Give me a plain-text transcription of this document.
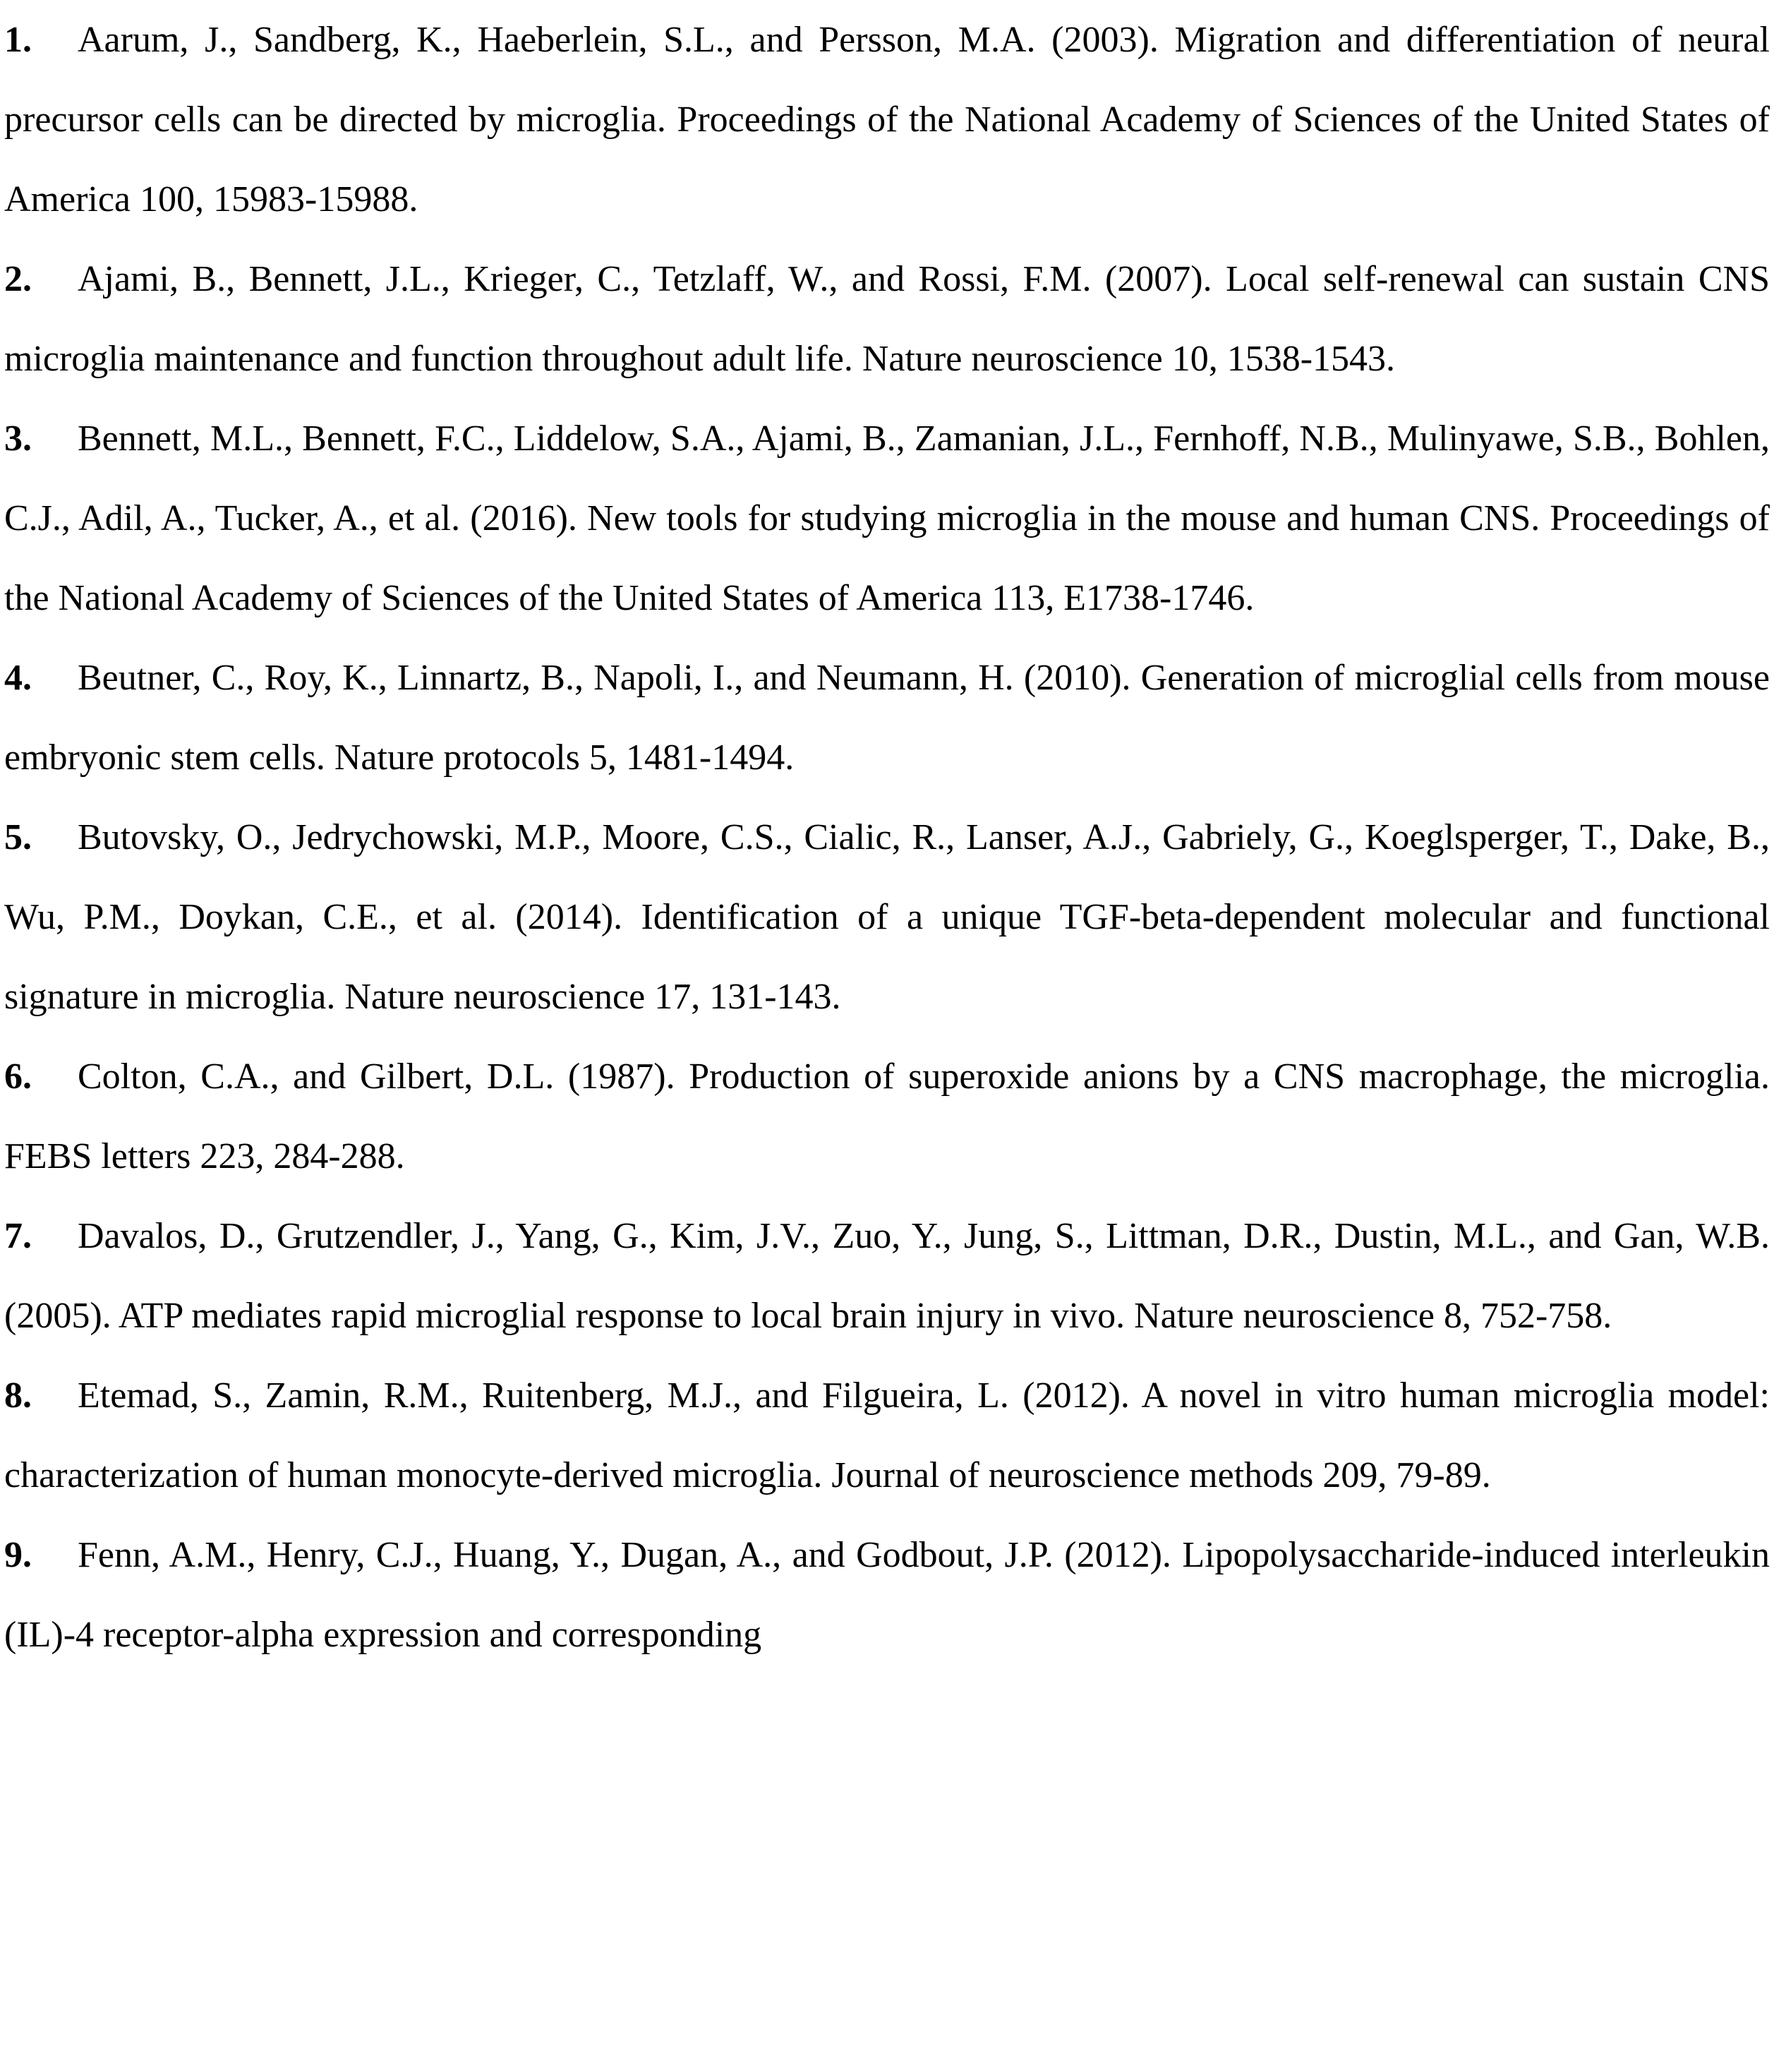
1. Aarum, J., Sandberg, K., Haeberlein, S.L., and Persson, M.A. (2003). Migration and differentiation of neural precursor cells can be directed by microglia. Proceedings of the National Academy of Sciences of the United States of America 100, 15983-15988.

2. Ajami, B., Bennett, J.L., Krieger, C., Tetzlaff, W., and Rossi, F.M. (2007). Local self-renewal can sustain CNS microglia maintenance and function throughout adult life. Nature neuroscience 10, 1538-1543.

3. Bennett, M.L., Bennett, F.C., Liddelow, S.A., Ajami, B., Zamanian, J.L., Fernhoff, N.B., Mulinyawe, S.B., Bohlen, C.J., Adil, A., Tucker, A., et al. (2016). New tools for studying microglia in the mouse and human CNS. Proceedings of the National Academy of Sciences of the United States of America 113, E1738-1746.

4. Beutner, C., Roy, K., Linnartz, B., Napoli, I., and Neumann, H. (2010). Generation of microglial cells from mouse embryonic stem cells. Nature protocols 5, 1481-1494.

5. Butovsky, O., Jedrychowski, M.P., Moore, C.S., Cialic, R., Lanser, A.J., Gabriely, G., Koeglsperger, T., Dake, B., Wu, P.M., Doykan, C.E., et al. (2014). Identification of a unique TGF-beta-dependent molecular and functional signature in microglia. Nature neuroscience 17, 131-143.

6. Colton, C.A., and Gilbert, D.L. (1987). Production of superoxide anions by a CNS macrophage, the microglia. FEBS letters 223, 284-288.

7. Davalos, D., Grutzendler, J., Yang, G., Kim, J.V., Zuo, Y., Jung, S., Littman, D.R., Dustin, M.L., and Gan, W.B. (2005). ATP mediates rapid microglial response to local brain injury in vivo. Nature neuroscience 8, 752-758.

8. Etemad, S., Zamin, R.M., Ruitenberg, M.J., and Filgueira, L. (2012). A novel in vitro human microglia model: characterization of human monocyte-derived microglia. Journal of neuroscience methods 209, 79-89.

9. Fenn, A.M., Henry, C.J., Huang, Y., Dugan, A., and Godbout, J.P. (2012). Lipopolysaccharide-induced interleukin (IL)-4 receptor-alpha expression and corresponding
